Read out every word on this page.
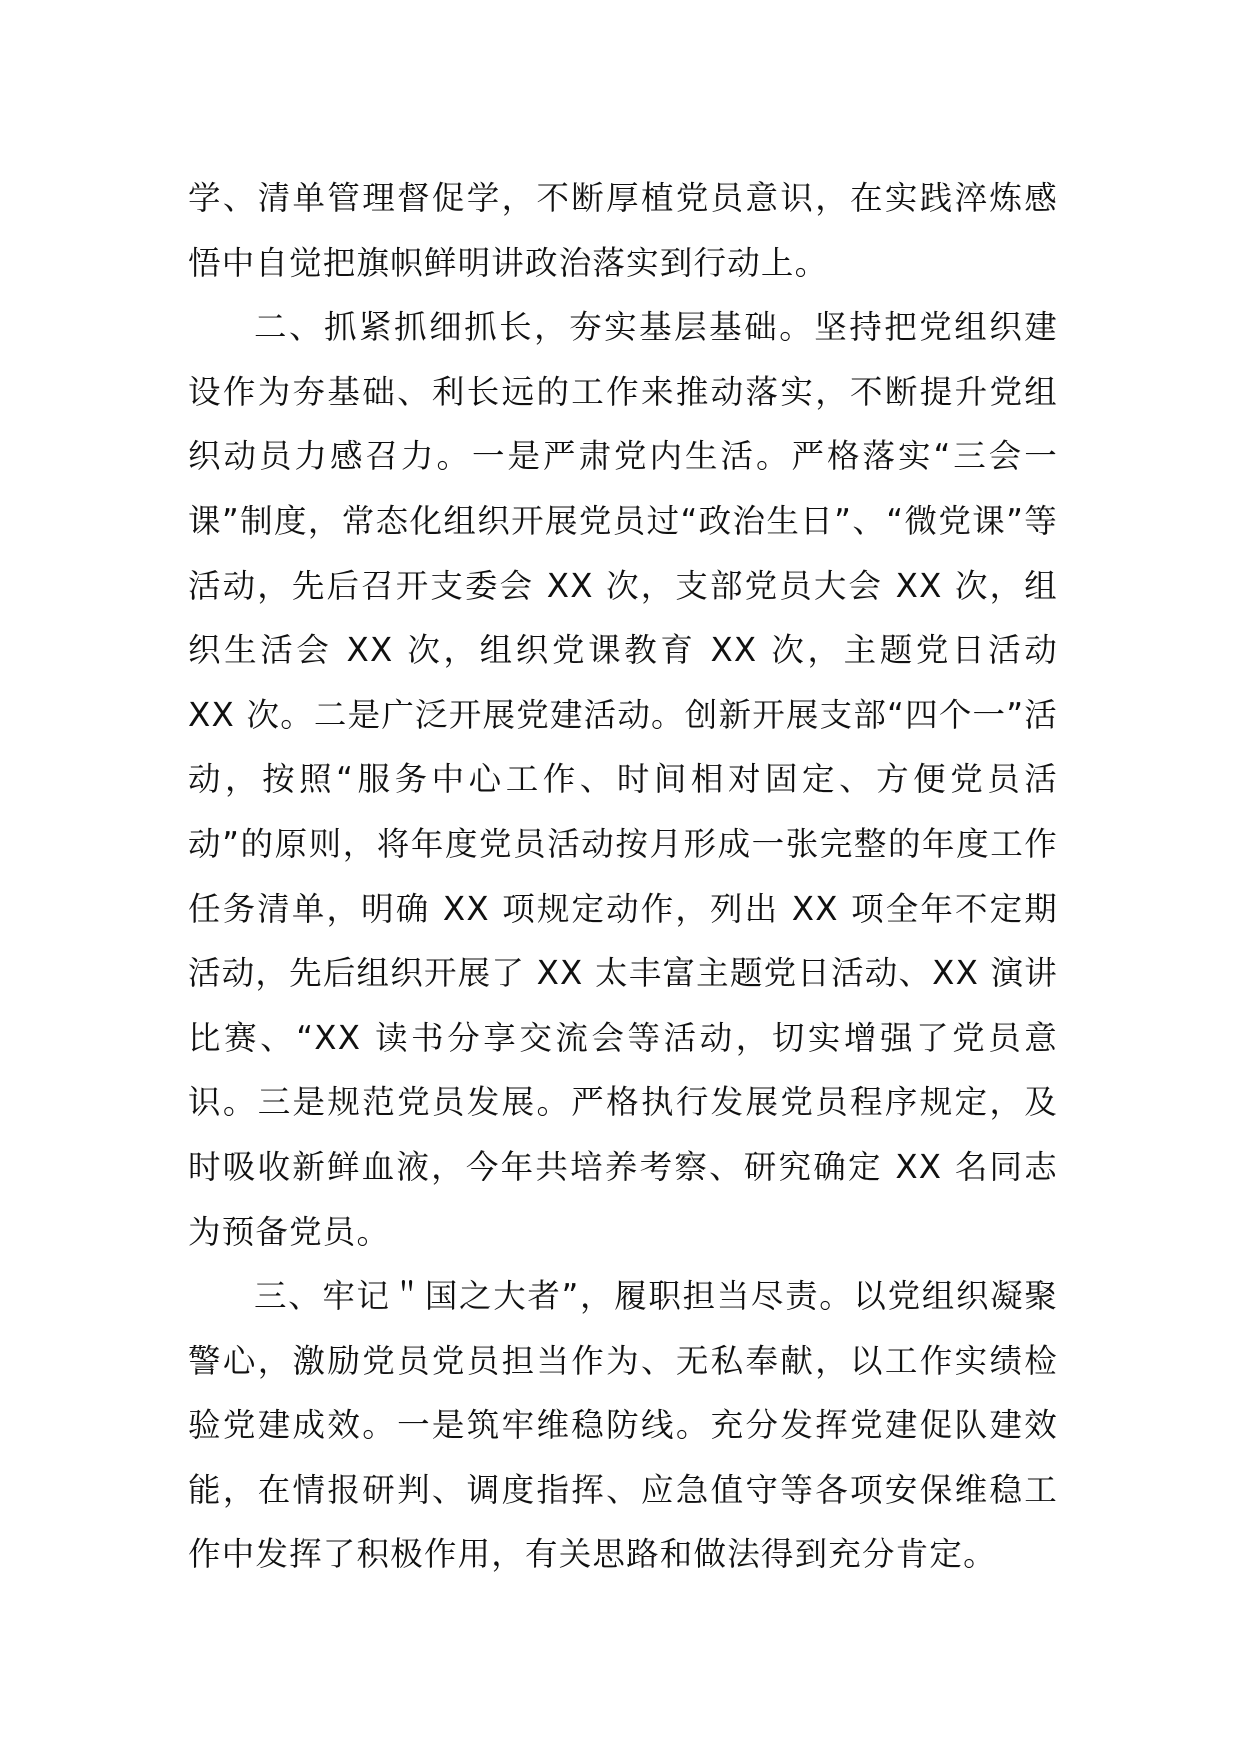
学、清单管理督促学，不断厚植党员意识，在实践淬炼感悟中自觉把旗帜鲜明讲政治落实到行动上。

二、抓紧抓细抓长，夯实基层基础。坚持把党组织建设作为夯基础、利长远的工作来推动落实，不断提升党组织动员力感召力。一是严肃党内生活。严格落实“三会一课”制度，常态化组织开展党员过“政治生日”、“微党课”等活动，先后召开支委会 XX 次，支部党员大会 XX 次，组织生活会 XX 次，组织党课教育 XX 次，主题党日活动 XX 次。二是广泛开展党建活动。创新开展支部“四个一”活动，按照“服务中心工作、时间相对固定、方便党员活动”的原则，将年度党员活动按月形成一张完整的年度工作任务清单，明确 XX 项规定动作，列出 XX 项全年不定期活动，先后组织开展了 XX 太丰富主题党日活动、XX 演讲比赛、“XX 读书分享交流会等活动，切实增强了党员意识。三是规范党员发展。严格执行发展党员程序规定，及时吸收新鲜血液，今年共培养考察、研究确定 XX 名同志为预备党员。

三、牢记＂国之大者”，履职担当尽责。以党组织凝聚警心，激励党员党员担当作为、无私奉献，以工作实绩检验党建成效。一是筑牢维稳防线。充分发挥党建促队建效能，在情报研判、调度指挥、应急值守等各项安保维稳工作中发挥了积极作用，有关思路和做法得到充分肯定。
